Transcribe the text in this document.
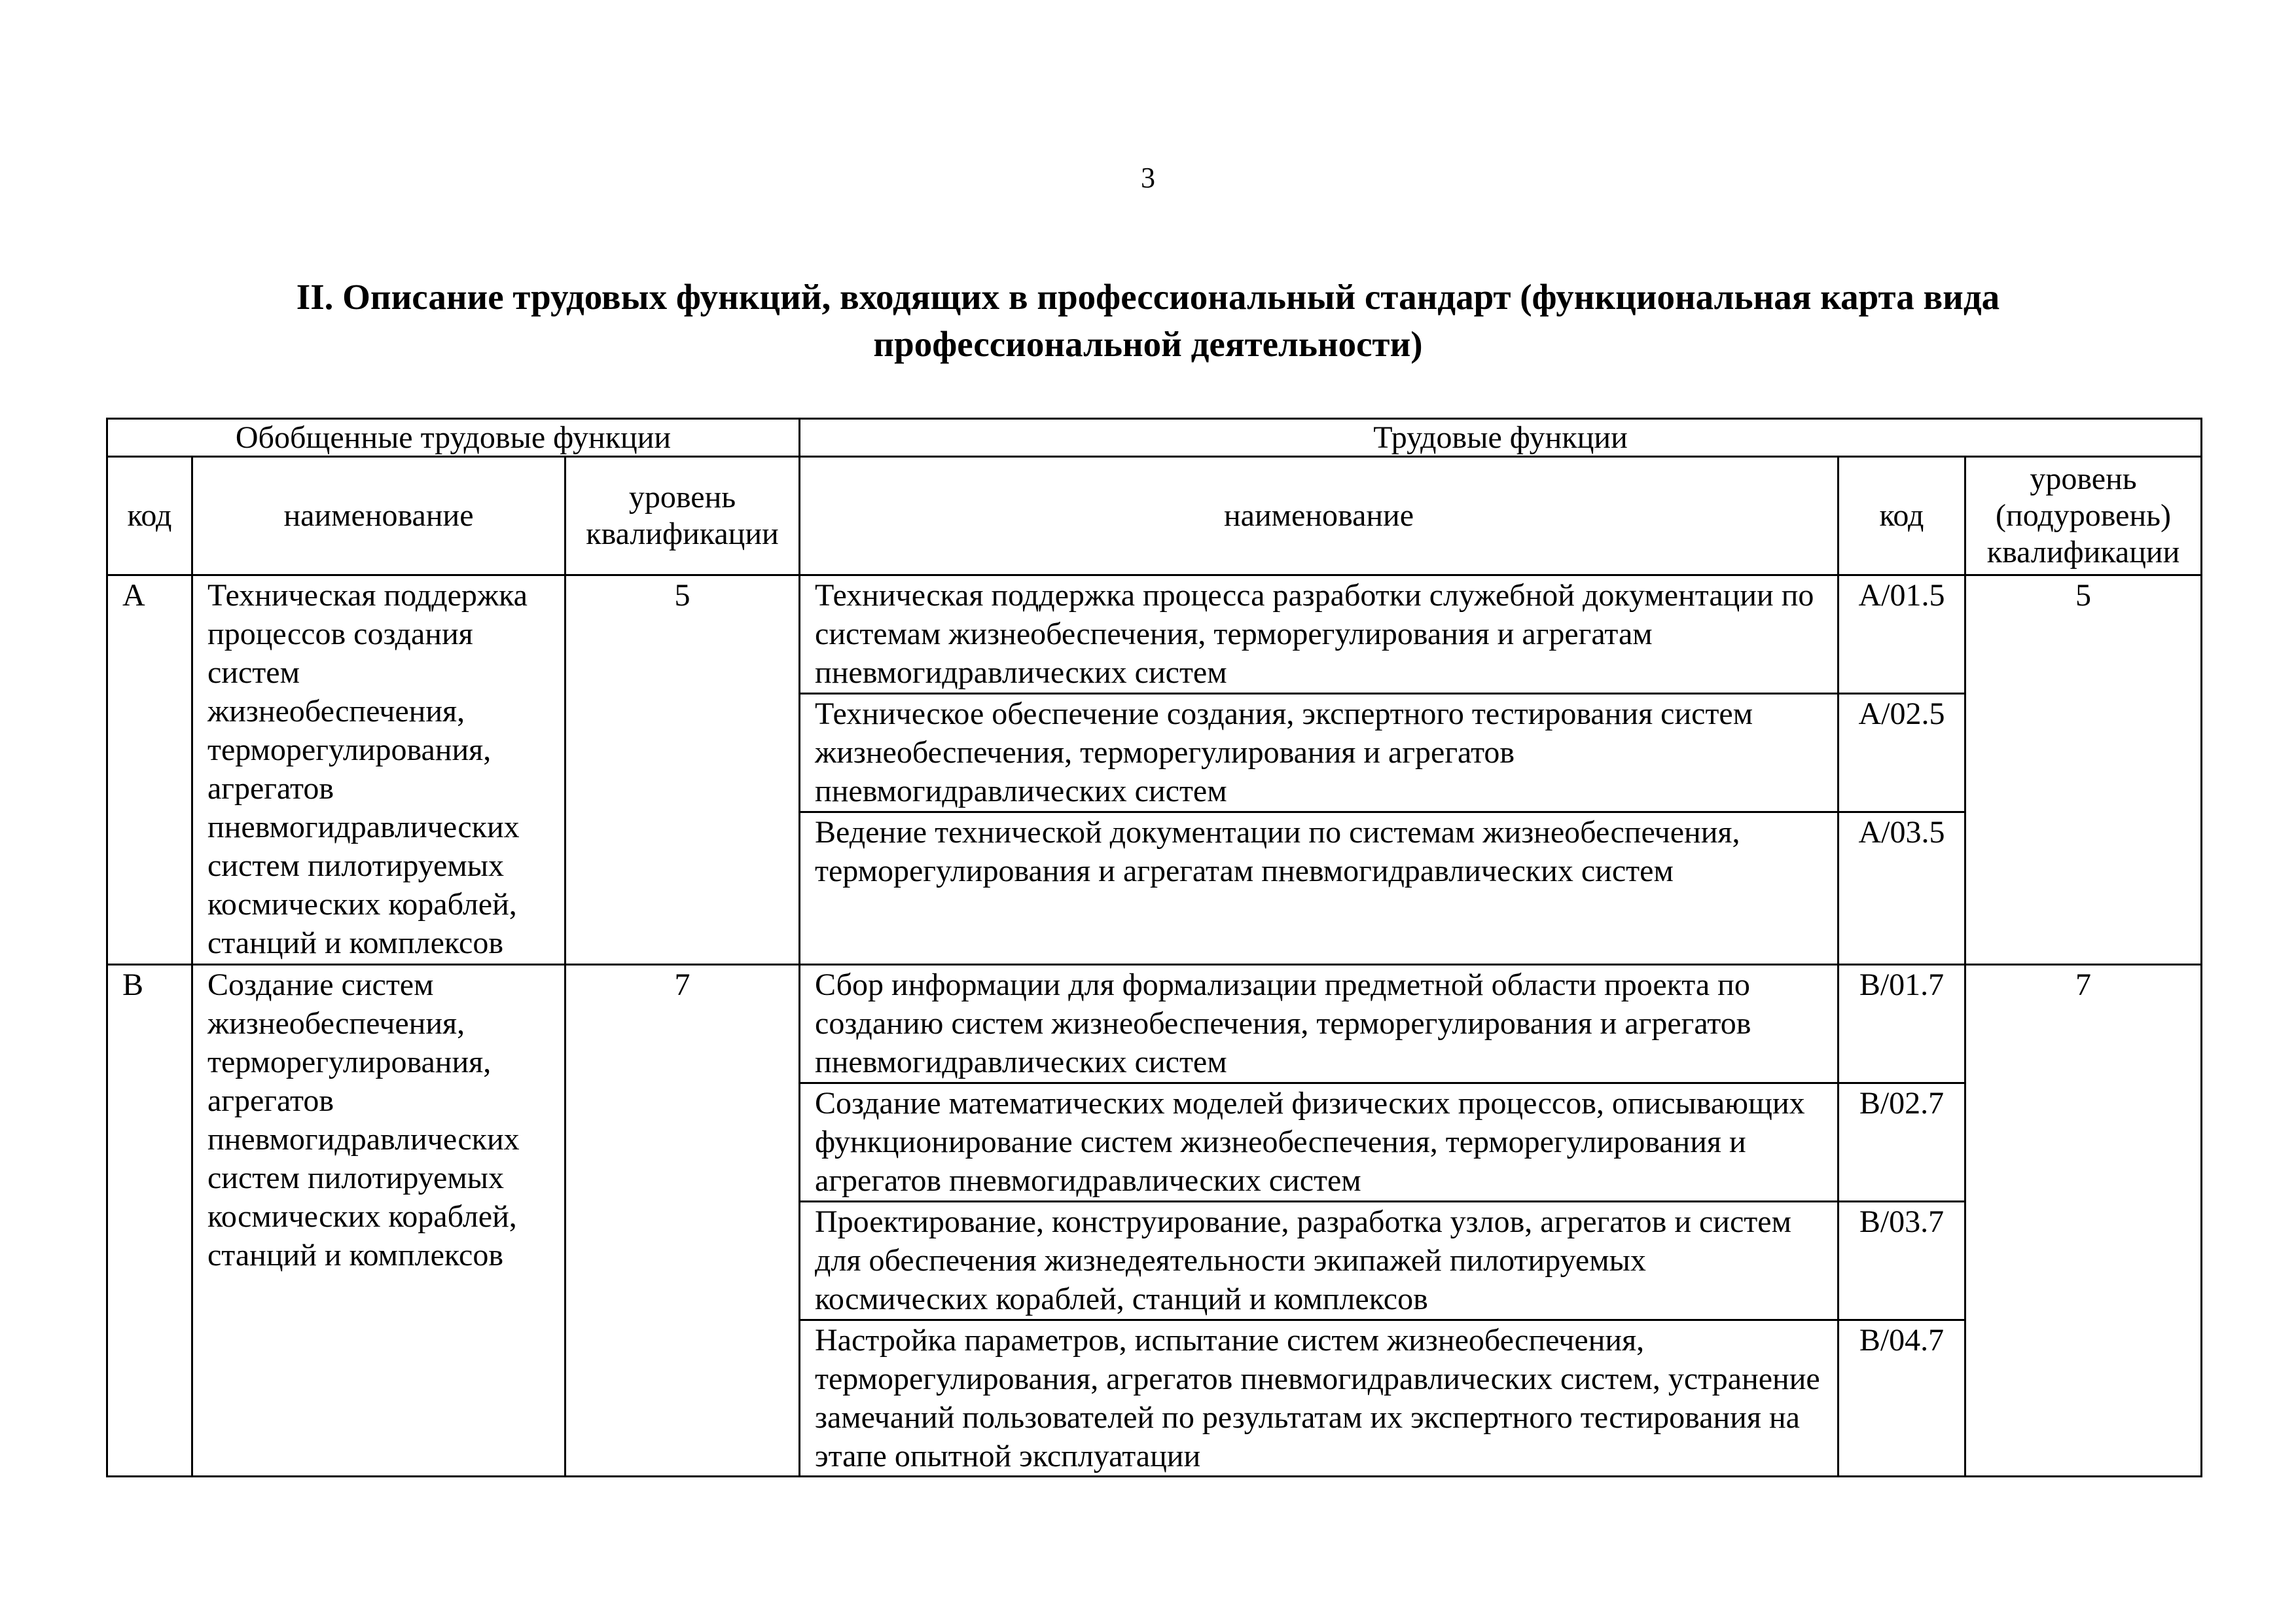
3
II. Описание трудовых функций, входящих в профессиональный стандарт (функциональная карта вида профессиональной деятельности)
Обобщенные трудовые функции			Трудовые функции		
код	наименование	уровень квалификации	наименование	код	уровень (подуровень) квалификации
A	Техническая поддержка процессов создания систем жизнеобеспечения, терморегулирования, агрегатов пневмогидравлических систем пилотируемых космических кораблей, станций и комплексов	5	Техническая поддержка процесса разработки служебной документации по системам жизнеобеспечения, терморегулирования и агрегатам пневмогидравлических систем	A/01.5	5
			Техническое обеспечение создания, экспертного тестирования систем жизнеобеспечения, терморегулирования и агрегатов пневмогидравлических систем	A/02.5	
			Ведение технической документации по системам жизнеобеспечения, терморегулирования и агрегатам пневмогидравлических систем	A/03.5	
B	Создание систем жизнеобеспечения, терморегулирования, агрегатов пневмогидравлических систем пилотируемых космических кораблей, станций и комплексов	7	Сбор информации для формализации предметной области проекта по созданию систем жизнеобеспечения, терморегулирования и агрегатов пневмогидравлических систем	B/01.7	7
			Создание математических моделей физических процессов, описывающих функционирование систем жизнеобеспечения, терморегулирования и агрегатов пневмогидравлических систем	B/02.7	
			Проектирование, конструирование, разработка узлов, агрегатов и систем для обеспечения жизнедеятельности экипажей пилотируемых космических кораблей, станций и комплексов	B/03.7	
			Настройка параметров, испытание систем жизнеобеспечения, терморегулирования, агрегатов пневмогидравлических систем, устранение замечаний пользователей по результатам их экспертного тестирования на этапе опытной эксплуатации	B/04.7	
